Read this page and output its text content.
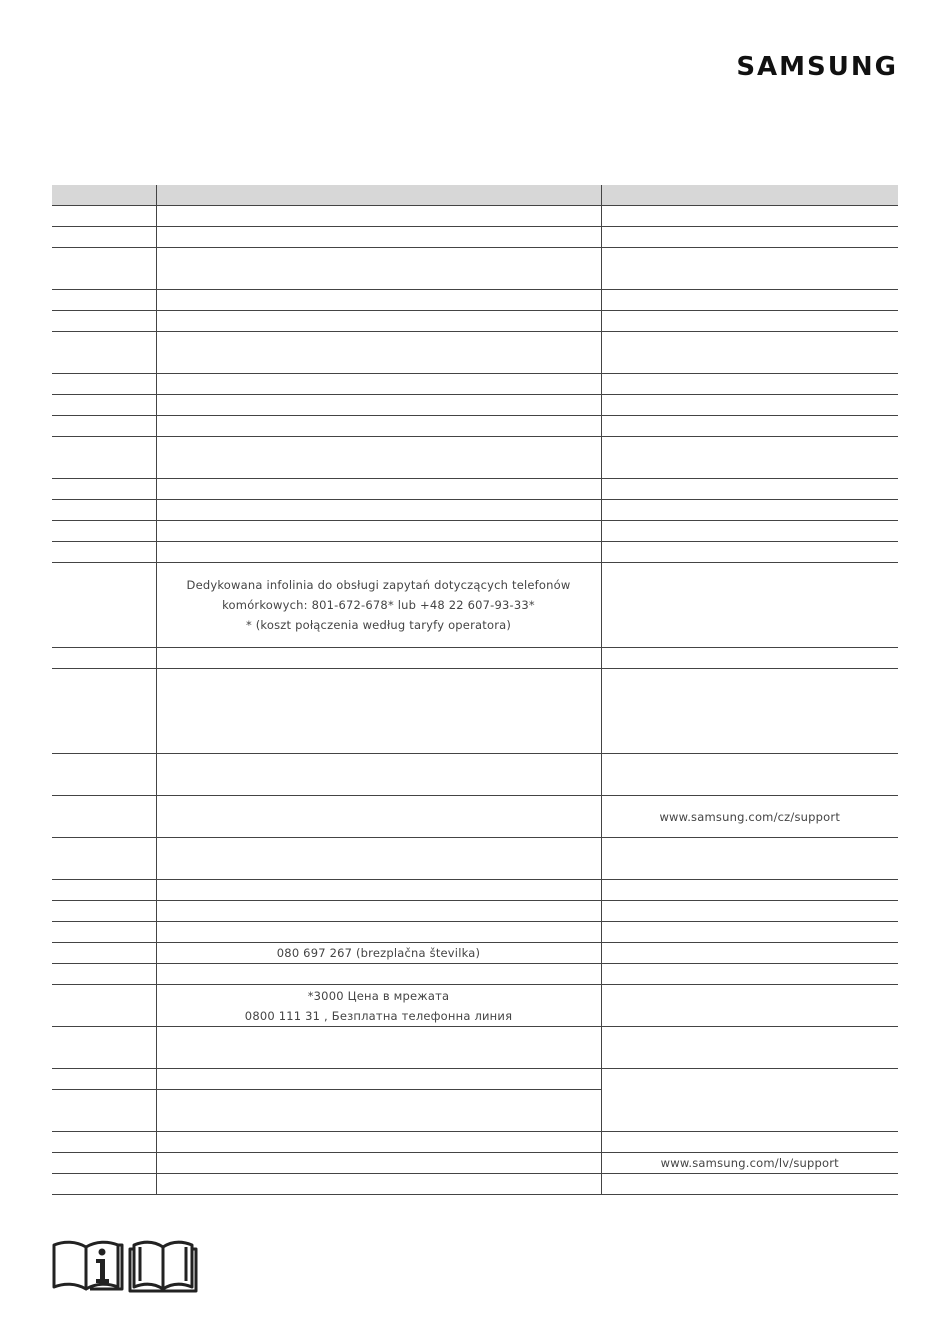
SAMSUNG

	Dedykowana infolinia do obsługi zapytań dotyczących telefonów
komórkowych: 801-672-678* lub +48 22 607-93-33*
* (koszt połączenia według taryfy operatora)	

		www.samsung.com/cz/support

	080 697 267 (brezplačna številka)	

	*3000 Цена в мрежата
0800 111 31 , Безплатна телефонна линия	

		www.samsung.com/lv/support
